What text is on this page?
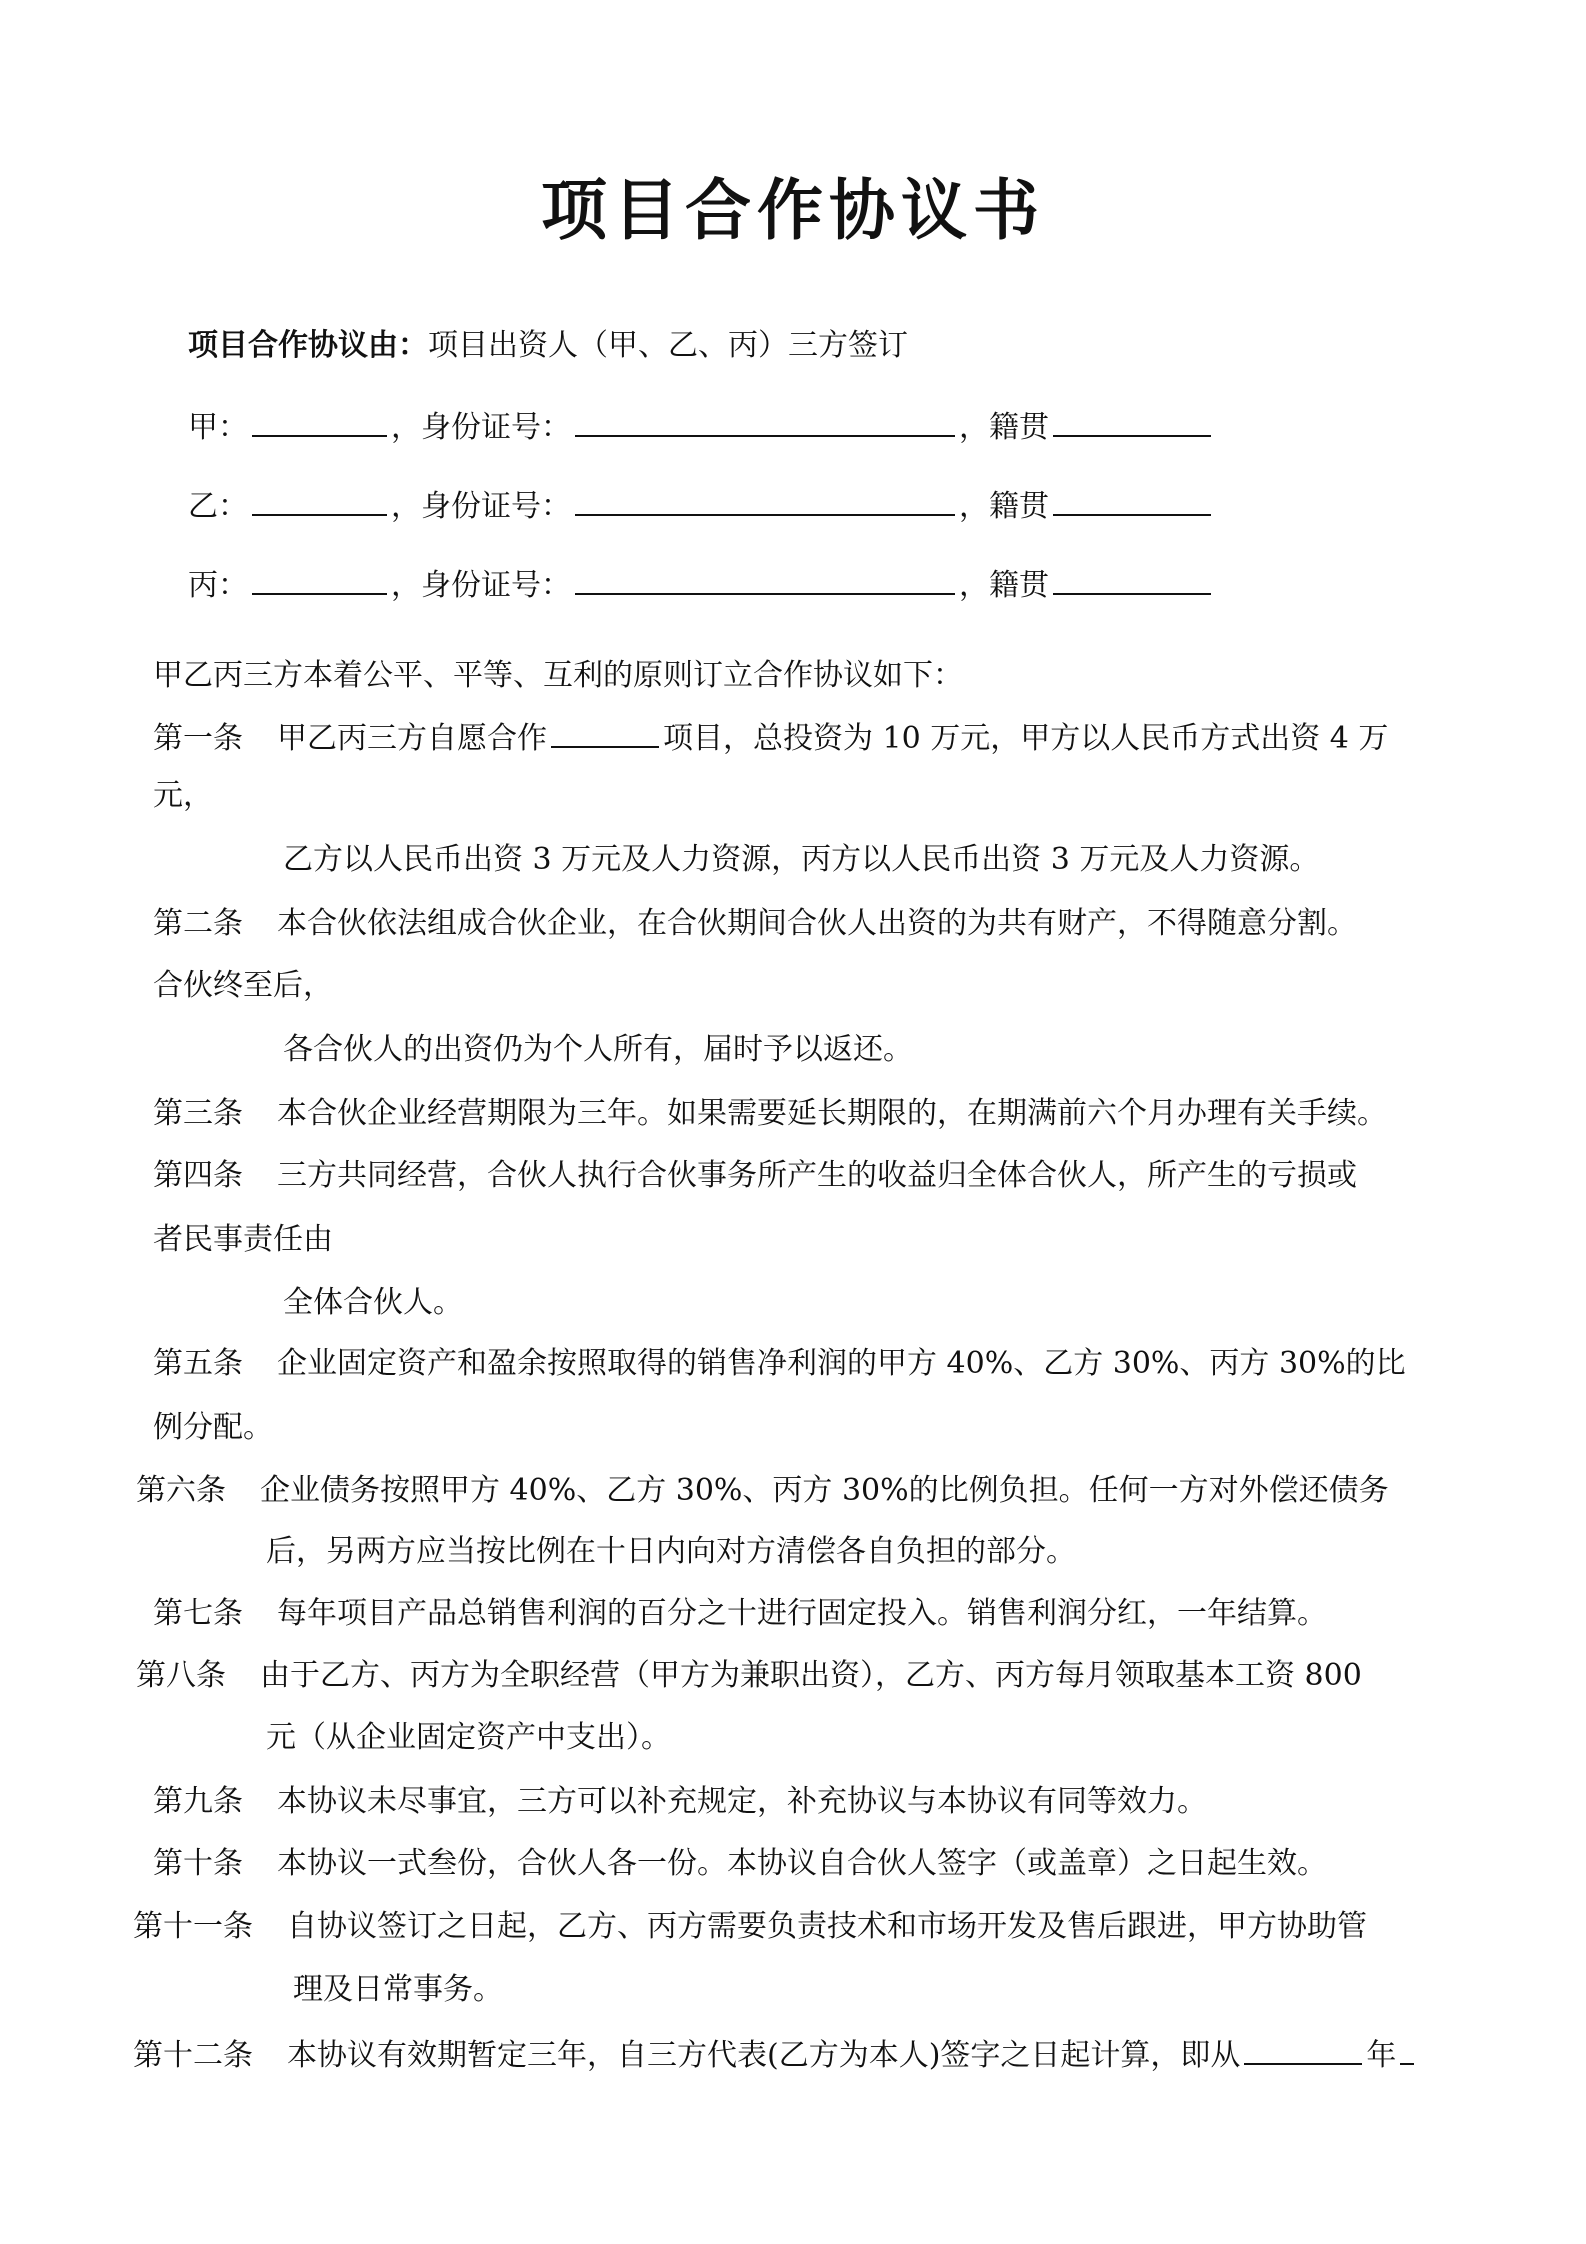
项目合作协议书
项目合作协议由：项目出资人（甲、乙、丙）三方签订
甲：	，身份证号：	，籍贯
乙：	，身份证号：	，籍贯
丙：	，身份证号：	，籍贯
甲乙丙三方本着公平、平等、互利的原则订立合作协议如下：
第一条 甲乙丙三方自愿合作	项目，总投资为 10 万元，甲方以人民币方式出资 4 万
元，
乙方以人民币出资 3 万元及人力资源，丙方以人民币出资 3 万元及人力资源。
第二条 本合伙依法组成合伙企业，在合伙期间合伙人出资的为共有财产，不得随意分割。
合伙终至后，
各合伙人的出资仍为个人所有，届时予以返还。
第三条 本合伙企业经营期限为三年。如果需要延长期限的，在期满前六个月办理有关手续。
第四条 三方共同经营，合伙人执行合伙事务所产生的收益归全体合伙人，所产生的亏损或
者民事责任由
全体合伙人。
第五条 企业固定资产和盈余按照取得的销售净利润的甲方 40%、乙方 30%、丙方 30%的比
例分配。
第六条 企业债务按照甲方 40%、乙方 30%、丙方 30%的比例负担。任何一方对外偿还债务
后，另两方应当按比例在十日内向对方清偿各自负担的部分。
第七条 每年项目产品总销售利润的百分之十进行固定投入。销售利润分红，一年结算。
第八条 由于乙方、丙方为全职经营（甲方为兼职出资），乙方、丙方每月领取基本工资 800
元（从企业固定资产中支出）。
第九条 本协议未尽事宜，三方可以补充规定，补充协议与本协议有同等效力。
第十条 本协议一式叁份，合伙人各一份。本协议自合伙人签字（或盖章）之日起生效。
第十一条 自协议签订之日起，乙方、丙方需要负责技术和市场开发及售后跟进，甲方协助管
理及日常事务。
第十二条 本协议有效期暂定三年，自三方代表(乙方为本人)签字之日起计算，即从	年
